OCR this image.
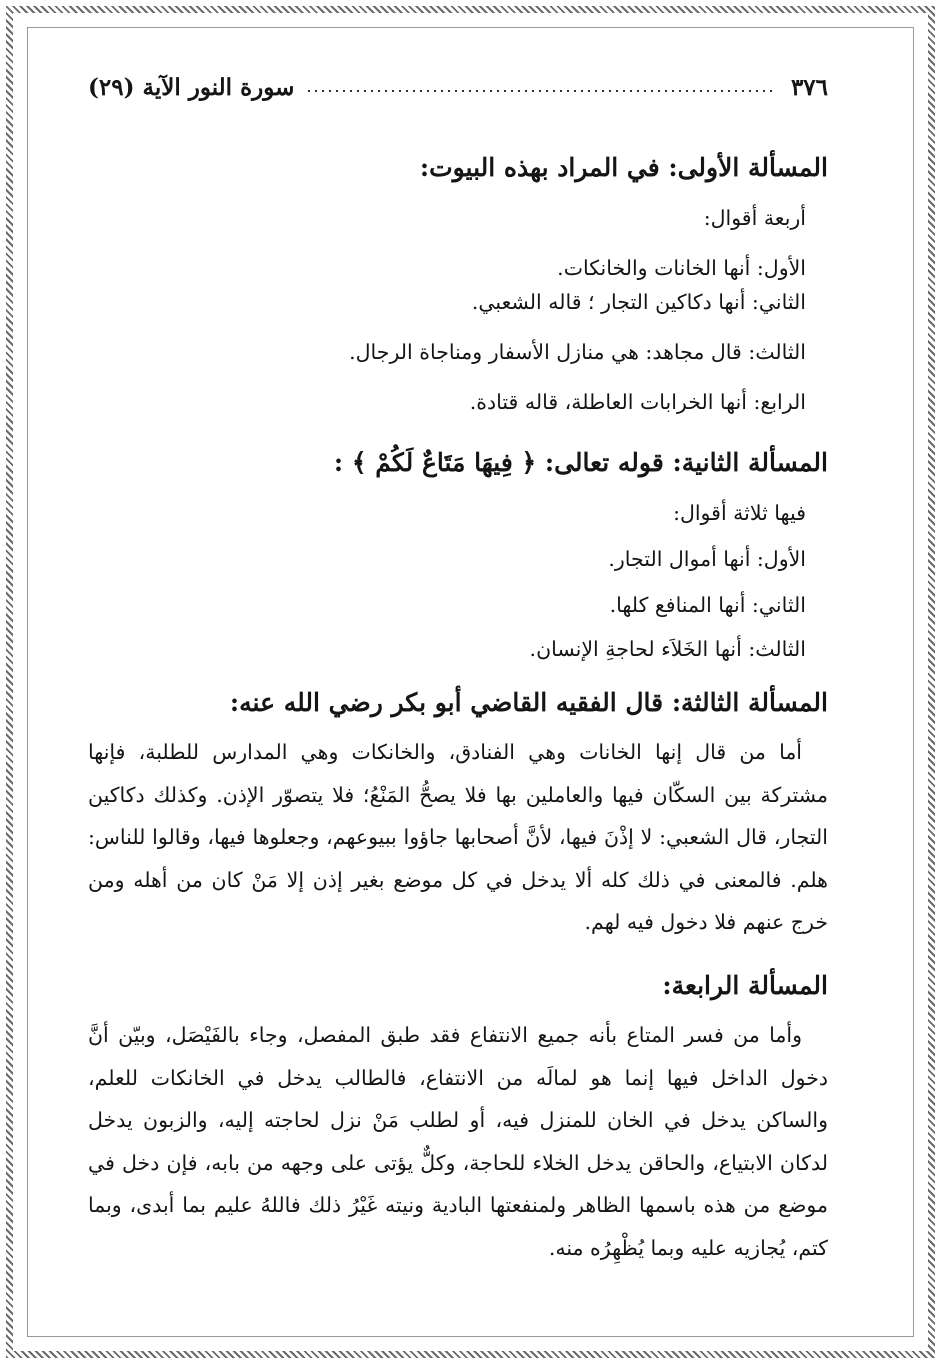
٣٧٦
سورة النور الآية (٢٩)

المسألة الأولى: في المراد بهذه البيوت:

أربعة أقوال:

الأول: أنها الخانات والخانكات.

الثاني: أنها دكاكين التجار ؛ قاله الشعبي.

الثالث: قال مجاهد: هي منازل الأسفار ومناجاة الرجال.

الرابع: أنها الخرابات العاطلة، قاله قتادة.

المسألة الثانية: قوله تعالى: ﴿ فِيهَا مَتَاعٌ لَكُمْ ﴾ :

فيها ثلاثة أقوال:

الأول: أنها أموال التجار.

الثاني: أنها المنافع كلها.

الثالث: أنها الخَلاَء لحاجةِ الإنسان.

المسألة الثالثة: قال الفقيه القاضي أبو بكر رضي الله عنه:

أما من قال إنها الخانات وهي الفنادق، والخانكات وهي المدارس للطلبة، فإنها مشتركة بين السكّان فيها والعاملين بها فلا يصحُّ المَنْعُ؛ فلا يتصوّر الإذن. وكذلك دكاكين التجار، قال الشعبي: لا إذْنَ فيها، لأنَّ أصحابها جاؤوا ببيوعهم، وجعلوها فيها، وقالوا للناس: هلم. فالمعنى في ذلك كله ألا يدخل في كل موضع بغير إذن إلا مَنْ كان من أهله ومن خرج عنهم فلا دخول فيه لهم.

المسألة الرابعة:

وأما من فسر المتاع بأنه جميع الانتفاع فقد طبق المفصل، وجاء بالفَيْصَل، وبيّن أنَّ دخول الداخل فيها إنما هو لمالَه من الانتفاع، فالطالب يدخل في الخانكات للعلم، والساكن يدخل في الخان للمنزل فيه، أو لطلب مَنْ نزل لحاجته إليه، والزبون يدخل لدكان الابتياع، والحاقن يدخل الخلاء للحاجة، وكلٌّ يؤتى على وجهه من بابه، فإن دخل في موضع من هذه باسمها الظاهر ولمنفعتها البادية ونيته غَيْرُ ذلك فاللهُ عليم بما أبدى، وبما كتم، يُجازيه عليه وبما يُظْهِرُه منه.
